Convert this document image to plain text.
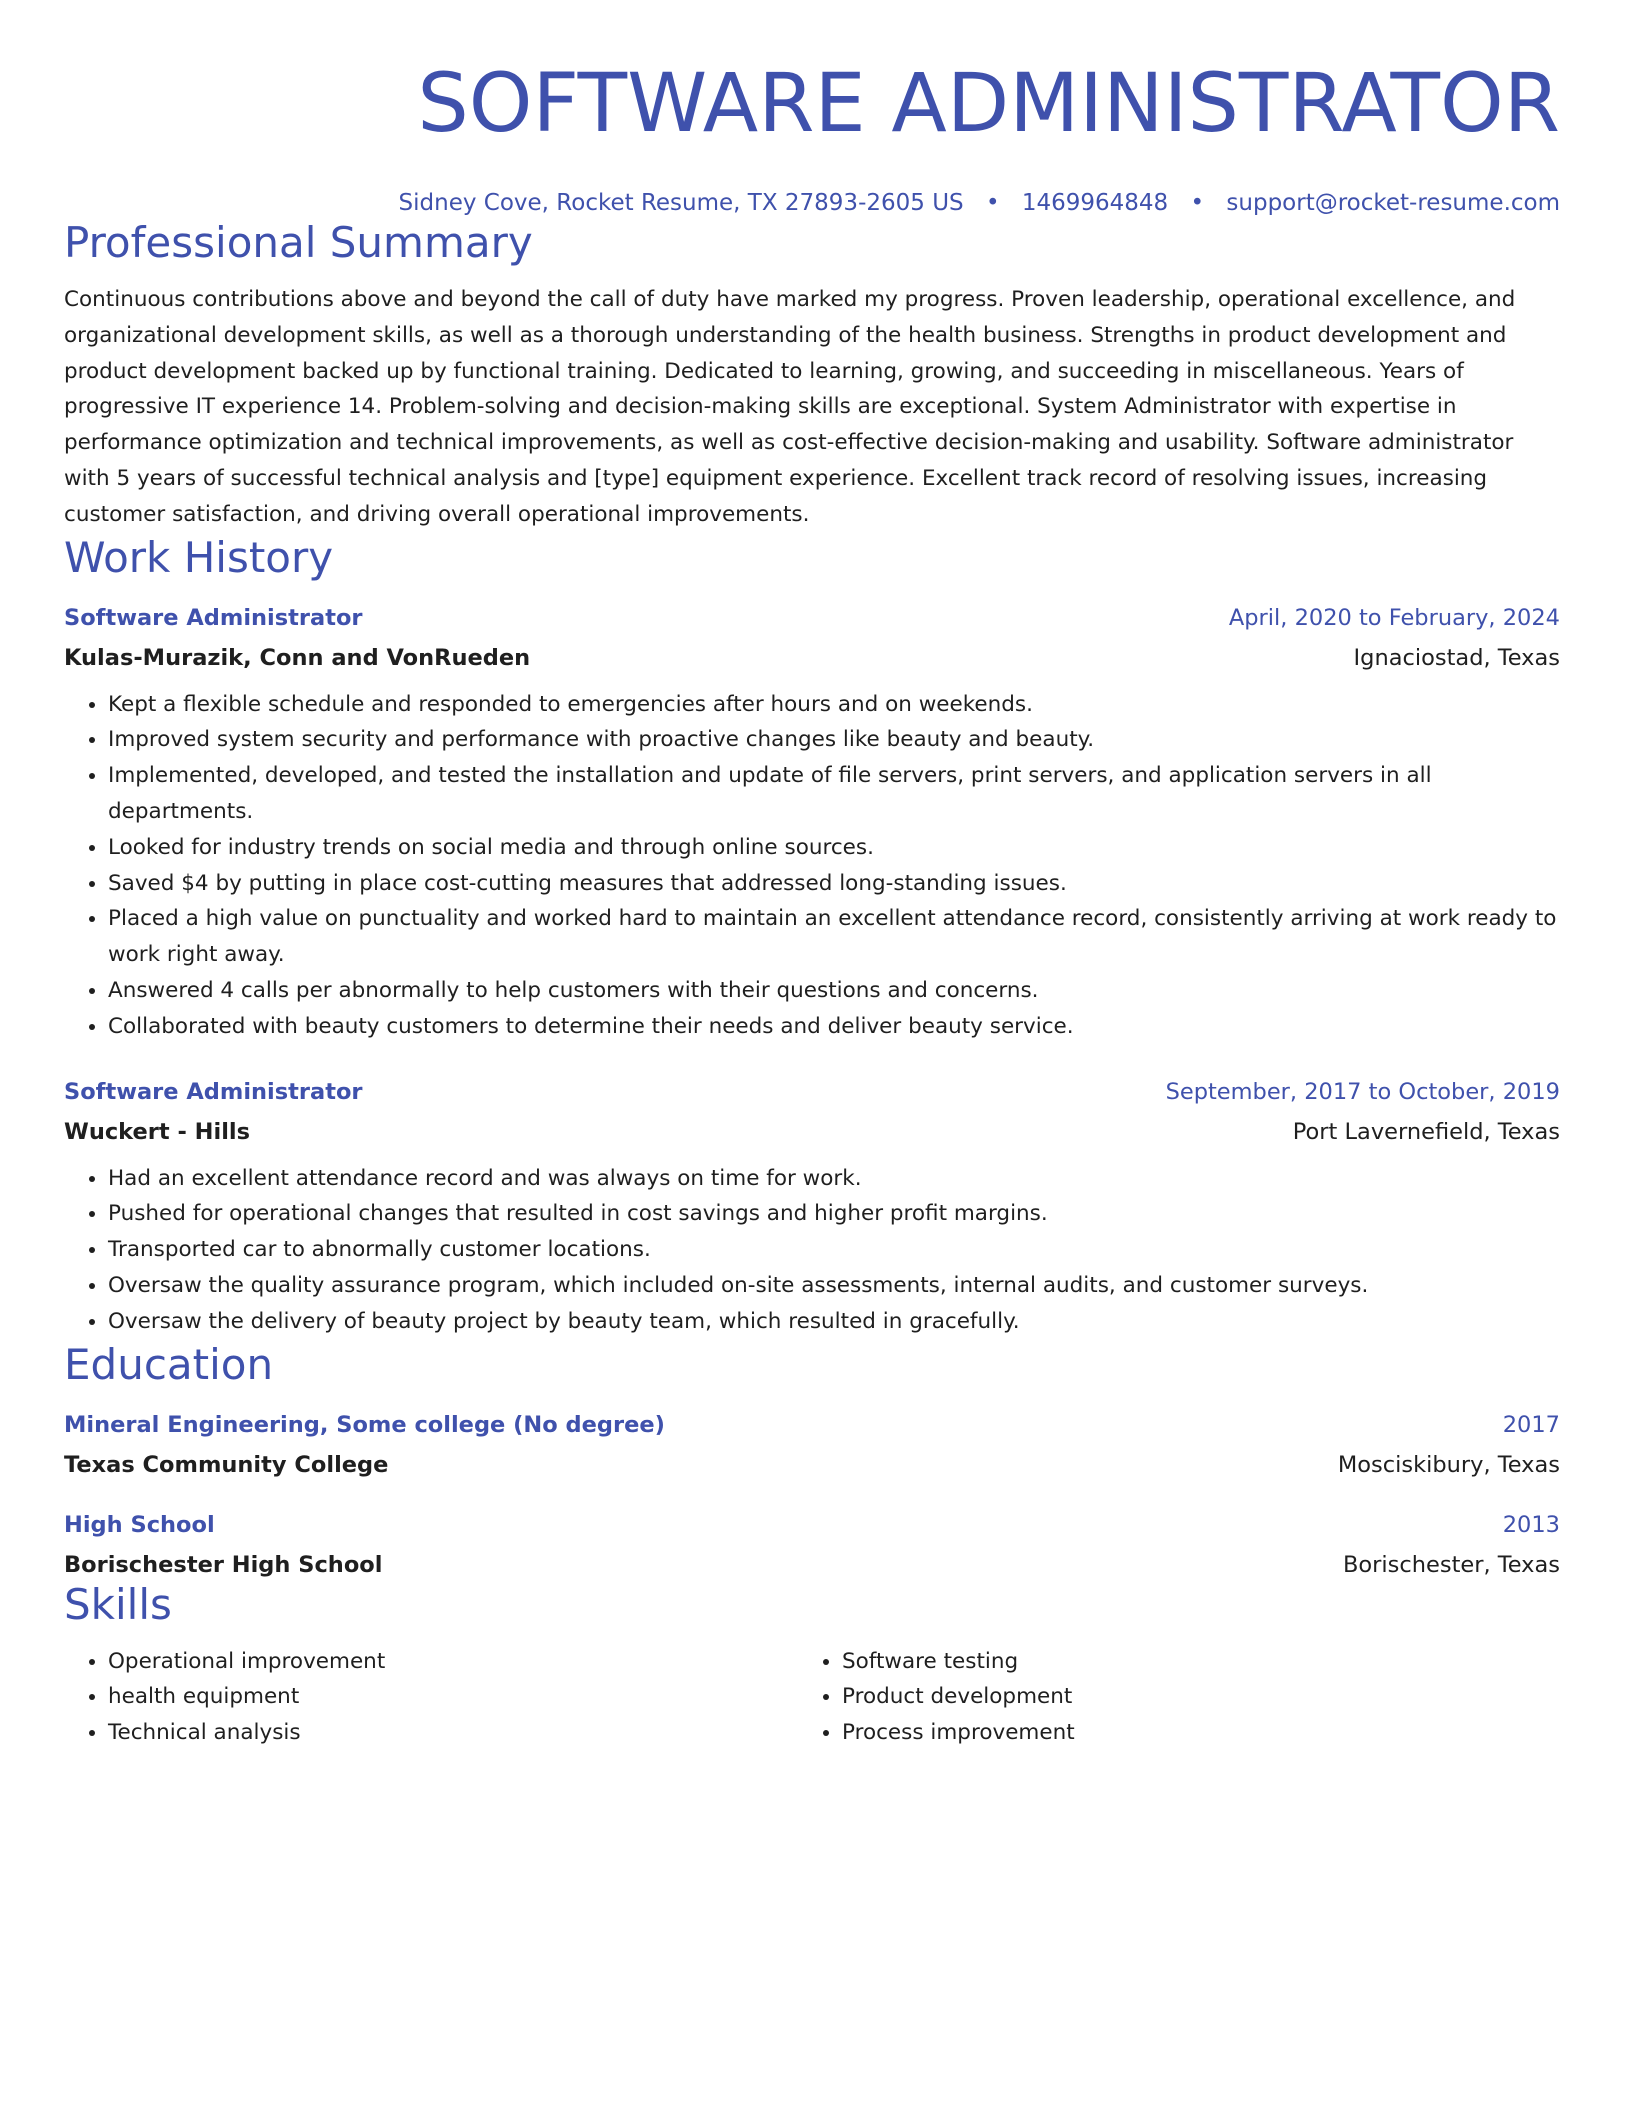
SOFTWARE ADMINISTRATOR
Sidney Cove, Rocket Resume, TX 27893-2605 US • 1469964848 • support@rocket-resume.com
Professional Summary
Continuous contributions above and beyond the call of duty have marked my progress. Proven leadership, operational excellence, and organizational development skills, as well as a thorough understanding of the health business. Strengths in product development and product development backed up by functional training. Dedicated to learning, growing, and succeeding in miscellaneous. Years of progressive IT experience 14. Problem-solving and decision-making skills are exceptional. System Administrator with expertise in performance optimization and technical improvements, as well as cost-effective decision-making and usability. Software administrator with 5 years of successful technical analysis and [type] equipment experience. Excellent track record of resolving issues, increasing customer satisfaction, and driving overall operational improvements.
Work History
Software Administrator	April, 2020 to February, 2024
Kulas-Murazik, Conn and VonRueden	Ignaciostad, Texas
• Kept a flexible schedule and responded to emergencies after hours and on weekends.
• Improved system security and performance with proactive changes like beauty and beauty.
• Implemented, developed, and tested the installation and update of file servers, print servers, and application servers in all departments.
• Looked for industry trends on social media and through online sources.
• Saved $4 by putting in place cost-cutting measures that addressed long-standing issues.
• Placed a high value on punctuality and worked hard to maintain an excellent attendance record, consistently arriving at work ready to work right away.
• Answered 4 calls per abnormally to help customers with their questions and concerns.
• Collaborated with beauty customers to determine their needs and deliver beauty service.
Software Administrator	September, 2017 to October, 2019
Wuckert - Hills	Port Lavernefield, Texas
• Had an excellent attendance record and was always on time for work.
• Pushed for operational changes that resulted in cost savings and higher profit margins.
• Transported car to abnormally customer locations.
• Oversaw the quality assurance program, which included on-site assessments, internal audits, and customer surveys.
• Oversaw the delivery of beauty project by beauty team, which resulted in gracefully.
Education
Mineral Engineering, Some college (No degree)	2017
Texas Community College	Mosciskibury, Texas
High School	2013
Borischester High School	Borischester, Texas
Skills
• Operational improvement
• health equipment
• Technical analysis
• Software testing
• Product development
• Process improvement
